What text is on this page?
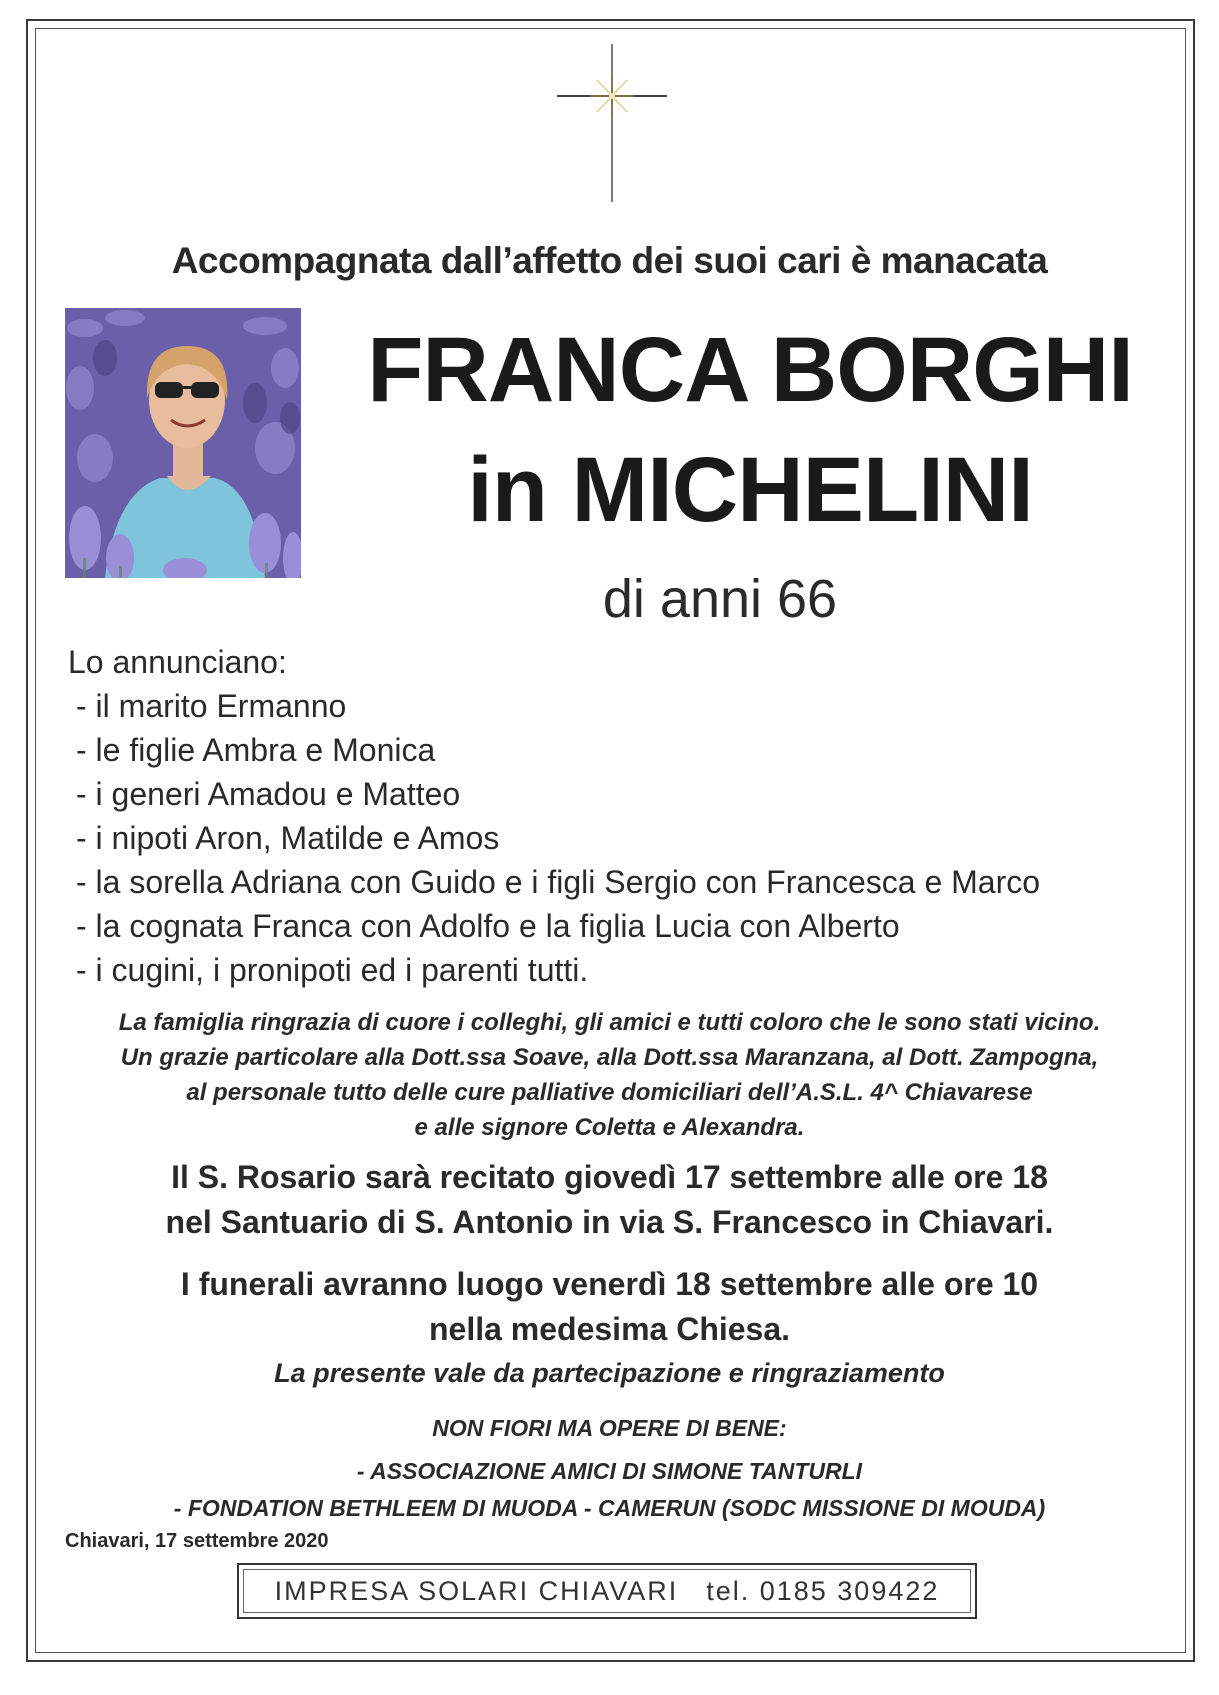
Accompagnata dall’affetto dei suoi cari è manacata
FRANCA BORGHI
in MICHELINI
di anni 66
Lo annunciano:
- il marito Ermanno
- le figlie Ambra e Monica
- i generi Amadou e Matteo
- i nipoti Aron, Matilde e Amos
- la sorella Adriana con Guido e i figli Sergio con Francesca e Marco
- la cognata Franca con Adolfo e la figlia Lucia con Alberto
- i cugini, i pronipoti ed i parenti tutti.
La famiglia ringrazia di cuore i colleghi, gli amici e tutti coloro che le sono stati vicino.
Un grazie particolare alla Dott.ssa Soave, alla Dott.ssa Maranzana, al Dott. Zampogna,
al personale tutto delle cure palliative domiciliari dell’A.S.L. 4^ Chiavarese
e alle signore Coletta e Alexandra.
Il S. Rosario sarà recitato giovedì 17 settembre alle ore 18
nel Santuario di S. Antonio in via S. Francesco in Chiavari.
I funerali avranno luogo venerdì 18 settembre alle ore 10
nella medesima Chiesa.
La presente vale da partecipazione e ringraziamento
NON FIORI MA OPERE DI BENE:
- ASSOCIAZIONE AMICI DI SIMONE TANTURLI
- FONDATION BETHLEEM DI MUODA - CAMERUN (SODC MISSIONE DI MOUDA)
Chiavari, 17 settembre 2020
IMPRESA SOLARI CHIAVARI tel. 0185 309422
